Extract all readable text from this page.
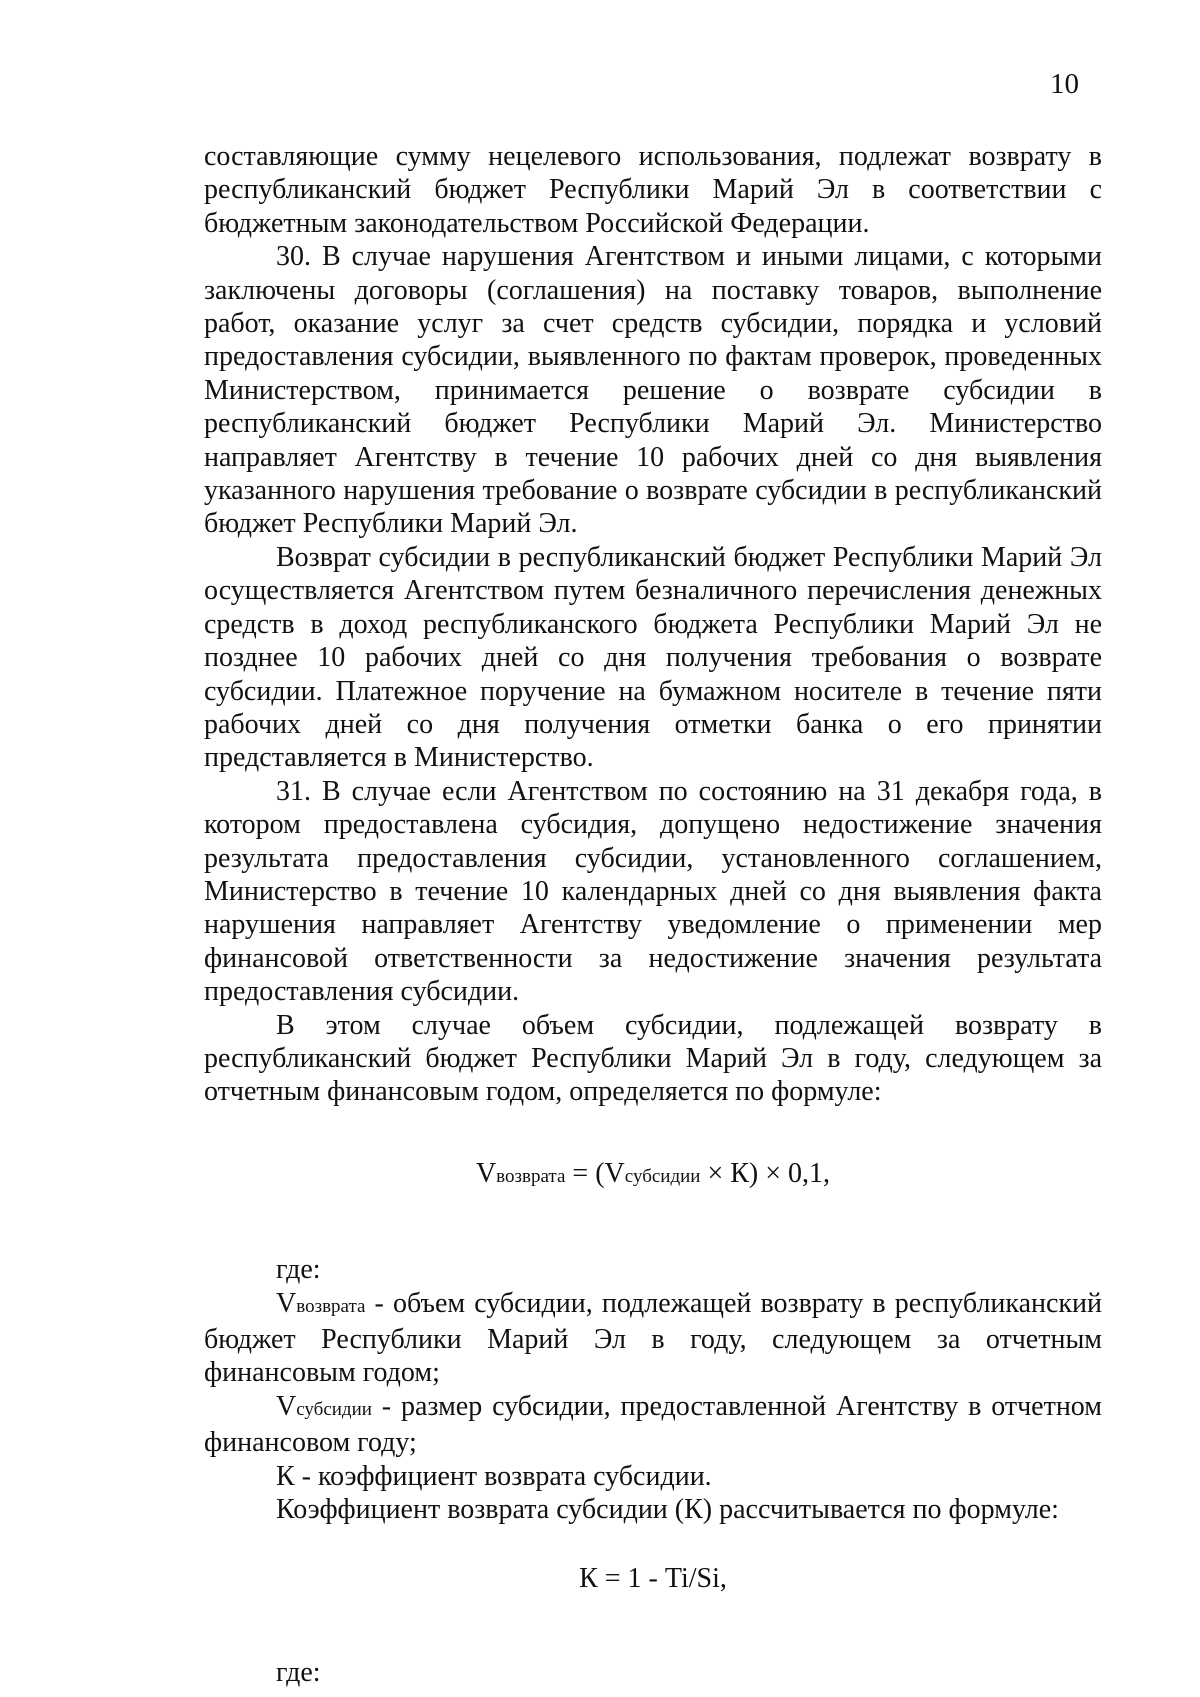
10

составляющие сумму нецелевого использования, подлежат возврату в республиканский бюджет Республики Марий Эл в соответствии с бюджетным законодательством Российской Федерации.

30. В случае нарушения Агентством и иными лицами, с которыми заключены договоры (соглашения) на поставку товаров, выполнение работ, оказание услуг за счет средств субсидии, порядка и условий предоставления субсидии, выявленного по фактам проверок, проведенных Министерством, принимается решение о возврате субсидии в республиканский бюджет Республики Марий Эл. Министерство направляет Агентству в течение 10 рабочих дней со дня выявления указанного нарушения требование о возврате субсидии в республиканский бюджет Республики Марий Эл.

Возврат субсидии в республиканский бюджет Республики Марий Эл осуществляется Агентством путем безналичного перечисления денежных средств в доход республиканского бюджета Республики Марий Эл не позднее 10 рабочих дней со дня получения требования о возврате субсидии. Платежное поручение на бумажном носителе в течение пяти рабочих дней со дня получения отметки банка о его принятии представляется в Министерство.

31. В случае если Агентством по состоянию на 31 декабря года, в котором предоставлена субсидия, допущено недостижение значения результата предоставления субсидии, установленного соглашением, Министерство в течение 10 календарных дней со дня выявления факта нарушения направляет Агентству уведомление о применении мер финансовой ответственности за недостижение значения результата предоставления субсидии.

В этом случае объем субсидии, подлежащей возврату в республиканский бюджет Республики Марий Эл в году, следующем за отчетным финансовым годом, определяется по формуле:

Vвозврата = (Vсубсидии × К) × 0,1,

где:

Vвозврата - объем субсидии, подлежащей возврату в республиканский бюджет Республики Марий Эл в году, следующем за отчетным финансовым годом;

Vсубсидии - размер субсидии, предоставленной Агентству в отчетном финансовом году;

К - коэффициент возврата субсидии.

Коэффициент возврата субсидии (К) рассчитывается по формуле:

К = 1 - Ti/Si,

где:
